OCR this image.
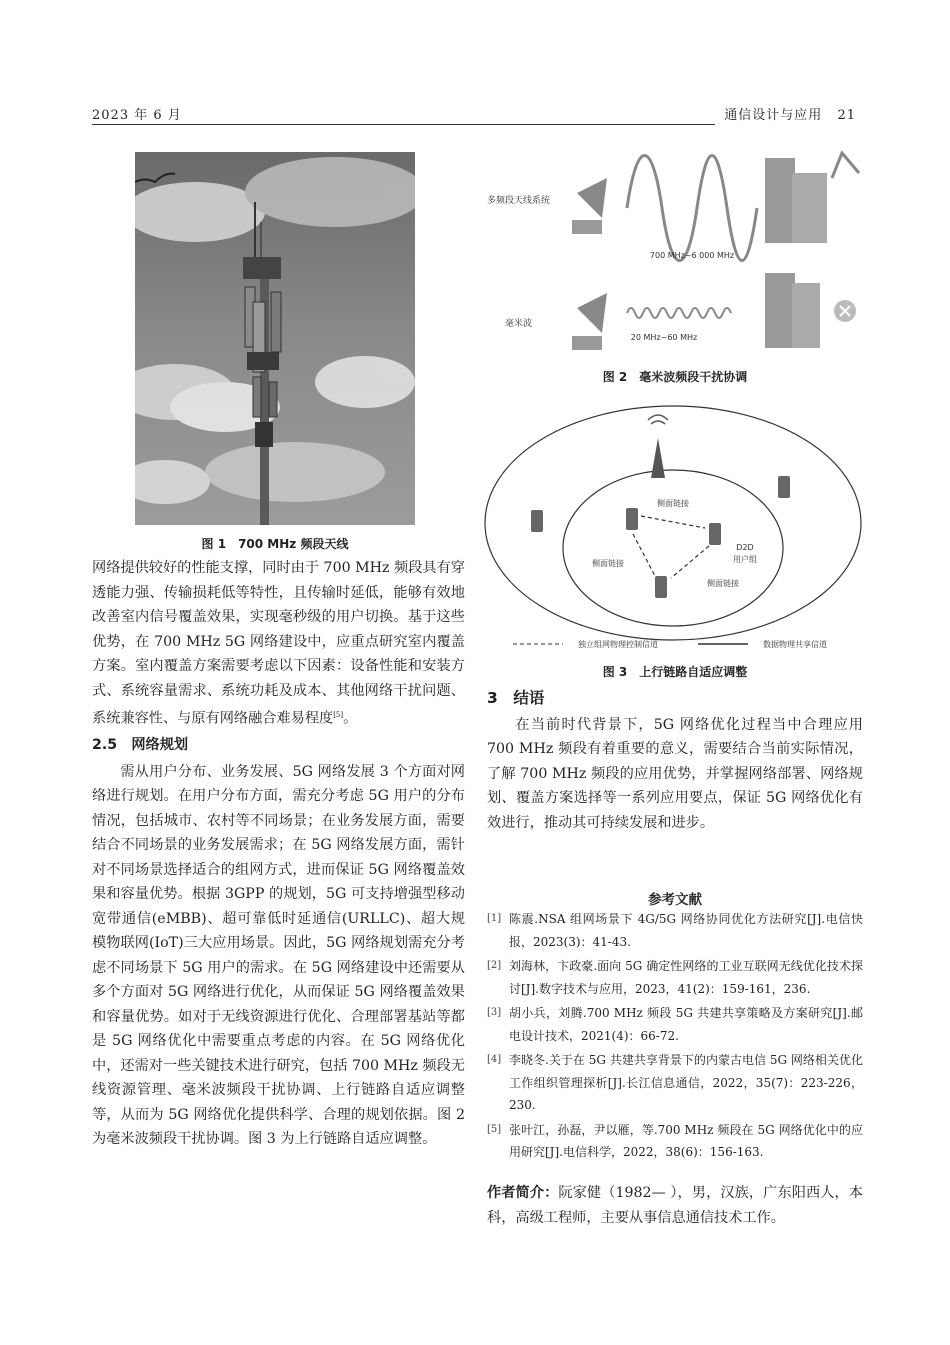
2023 年 6 月	通信设计与应用 21
图 1　700 MHz 频段天线

网络提供较好的性能支撑，同时由于 700 MHz 频段具有穿透能力强、传输损耗低等特性，且传输时延低，能够有效地改善室内信号覆盖效果，实现毫秒级的用户切换。基于这些优势，在 700 MHz 5G 网络建设中，应重点研究室内覆盖方案。室内覆盖方案需要考虑以下因素：设备性能和安装方式、系统容量需求、系统功耗及成本、其他网络干扰问题、系统兼容性、与原有网络融合难易程度[5]。

2.5　 网络规划

需从用户分布、业务发展、5G 网络发展 3 个方面对网络进行规划。在用户分布方面，需充分考虑 5G 用户的分布情况，包括城市、农村等不同场景；在业务发展方面，需要结合不同场景的业务发展需求；在 5G 网络发展方面，需针对不同场景选择适合的组网方式，进而保证 5G 网络覆盖效果和容量优势。根据 3GPP 的规划，5G 可支持增强型移动宽带通信(eMBB)、超可靠低时延通信(URLLC)、超大规模物联网(IoT)三大应用场景。因此，5G 网络规划需充分考虑不同场景下 5G 用户的需求。在 5G 网络建设中还需要从多个方面对 5G 网络进行优化，从而保证 5G 网络覆盖效果和容量优势。如对于无线资源进行优化、合理部署基站等都是 5G 网络优化中需要重点考虑的内容。在 5G 网络优化中，还需对一些关键技术进行研究，包括 700 MHz 频段无线资源管理、毫米波频段干扰协调、上行链路自适应调整等，从而为 5G 网络优化提供科学、合理的规划依据。图 2 为毫米波频段干扰协调。图 3 为上行链路自适应调整。

多频段天线系统
毫米波
700 MHz~6 000 MHz
20 MHz~60 MHz
图 2　毫米波频段干扰协调
侧面链接
侧面链接
侧面链接
D2D
用户组
独立组网物理控制信道	数据物理共享信道
图 3　上行链路自适应调整

3　 结语

在当前时代背景下，5G 网络优化过程当中合理应用 700 MHz 频段有着重要的意义，需要结合当前实际情况，了解 700 MHz 频段的应用优势，并掌握网络部署、网络规划、覆盖方案选择等一系列应用要点，保证 5G 网络优化有效进行，推动其可持续发展和进步。

参考文献
[1] 陈震.NSA 组网场景下 4G/5G 网络协同优化方法研究[J].电信快报，2023(3)：41-43.
[2] 刘海林，卞政豪.面向 5G 确定性网络的工业互联网无线优化技术探讨[J].数字技术与应用，2023，41(2)：159-161，236.
[3] 胡小兵，刘腾.700 MHz 频段 5G 共建共享策略及方案研究[J].邮电设计技术，2021(4)：66-72.
[4] 李晓冬.关于在 5G 共建共享背景下的内蒙古电信 5G 网络相关优化工作组织管理探析[J].长江信息通信，2022，35(7)：223-226，230.
[5] 张叶江，孙磊，尹以雁，等.700 MHz 频段在 5G 网络优化中的应用研究[J].电信科学，2022，38(6)：156-163.
作者简介：阮家健（1982— ），男，汉族，广东阳西人，本科，高级工程师，主要从事信息通信技术工作。
